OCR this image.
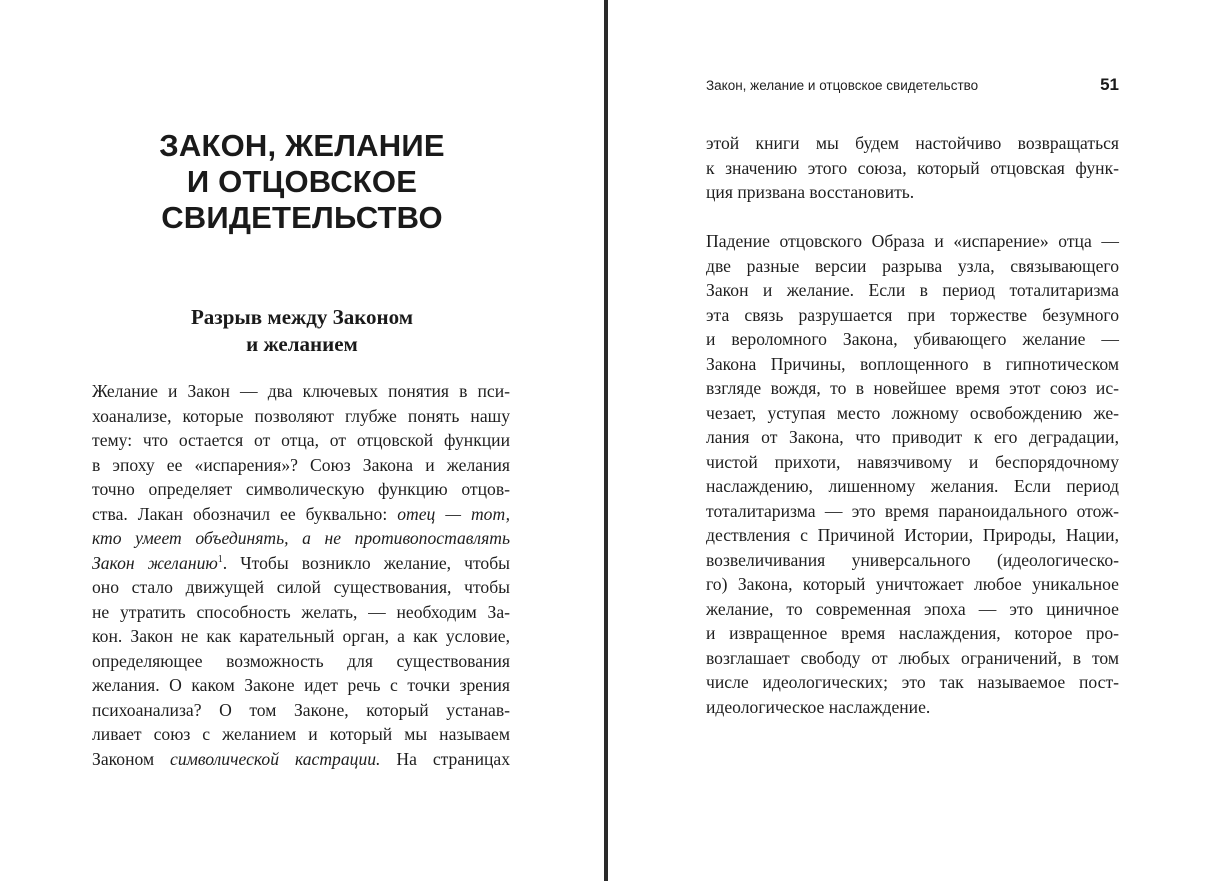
ЗАКОН, ЖЕЛАНИЕ
И ОТЦОВСКОЕ
СВИДЕТЕЛЬСТВО
Разрыв между Законом
и желанием
Желание и Закон — два ключевых понятия в пси-
хоанализе, которые позволяют глубже понять нашу
тему: что остается от отца, от отцовской функции
в эпоху ее «испарения»? Союз Закона и желания
точно определяет символическую функцию отцов-
ства. Лакан обозначил ее буквально: отец — тот,
кто умеет объединять, а не противопоставлять
Закон желанию$^1$. Чтобы возникло желание, чтобы
оно стало движущей силой существования, чтобы
не утратить способность желать, — необходим За-
кон. Закон не как карательный орган, а как условие,
определяющее возможность для существования
желания. О каком Законе идет речь с точки зрения
психоанализа? О том Законе, который устанав-
ливает союз с желанием и который мы называем
Законом символической кастрации. На страницах
Закон, желание и отцовское свидетельство	51
этой книги мы будем настойчиво возвращаться
к значению этого союза, который отцовская функ-
ция призвана восстановить.
Падение отцовского Образа и «испарение» отца —
две разные версии разрыва узла, связывающего
Закон и желание. Если в период тоталитаризма
эта связь разрушается при торжестве безумного
и вероломного Закона, убивающего желание —
Закона Причины, воплощенного в гипнотическом
взгляде вождя, то в новейшее время этот союз ис-
чезает, уступая место ложному освобождению же-
лания от Закона, что приводит к его деградации,
чистой прихоти, навязчивому и беспорядочному
наслаждению, лишенному желания. Если период
тоталитаризма — это время параноидального отож-
дествления с Причиной Истории, Природы, Нации,
возвеличивания универсального (идеологическо-
го) Закона, который уничтожает любое уникальное
желание, то современная эпоха — это циничное
и извращенное время наслаждения, которое про-
возглашает свободу от любых ограничений, в том
числе идеологических; это так называемое пост-
идеологическое наслаждение.
